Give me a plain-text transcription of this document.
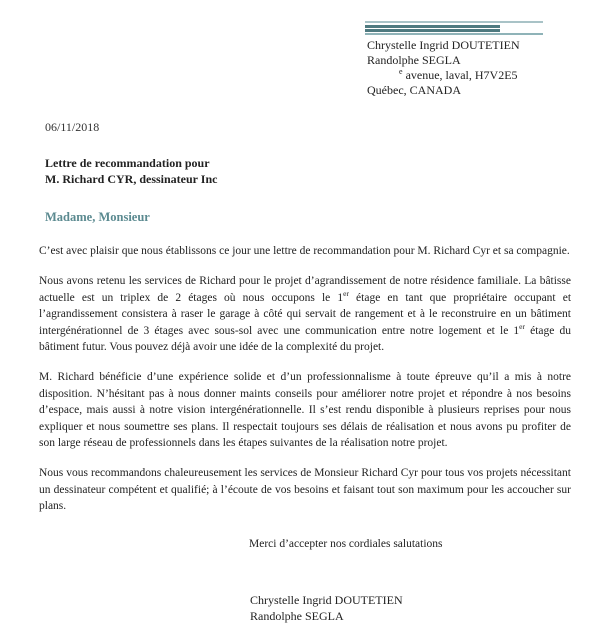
Chrystelle Ingrid DOUTETIEN
Randolphe SEGLA
$^e$ avenue, laval, H7V2E5
Québec, CANADA
06/11/2018
Lettre de recommandation pour
M. Richard CYR, dessinateur Inc
Madame, Monsieur

C’est avec plaisir que nous établissons ce jour une lettre de recommandation pour M. Richard Cyr et sa compagnie.

Nous avons retenu les services de Richard pour le projet d’agrandissement de notre résidence familiale. La bâtisse actuelle est un triplex de 2 étages où nous occupons le 1er étage en tant que propriétaire occupant et l’agrandissement consistera à raser le garage à côté qui servait de rangement et à le reconstruire en un bâtiment intergénérationnel de 3 étages avec sous-sol avec une communication entre notre logement et le 1er étage du bâtiment futur. Vous pouvez déjà avoir une idée de la complexité du projet.

M. Richard bénéficie d’une expérience solide et d’un professionnalisme à toute épreuve qu’il a mis à notre disposition. N’hésitant pas à nous donner maints conseils pour améliorer notre projet et répondre à nos besoins d’espace, mais aussi à notre vision intergénérationnelle. Il s’est rendu disponible à plusieurs reprises pour nous expliquer et nous soumettre ses plans. Il respectait toujours ses délais de réalisation et nous avons pu profiter de son large réseau de professionnels dans les étapes suivantes de la réalisation notre projet.

Nous vous recommandons chaleureusement les services de Monsieur Richard Cyr pour tous vos projets nécessitant un dessinateur compétent et qualifié; à l’écoute de vos besoins et faisant tout son maximum pour les accoucher sur plans.

Merci d’accepter nos cordiales salutations
Chrystelle Ingrid DOUTETIEN
Randolphe SEGLA
